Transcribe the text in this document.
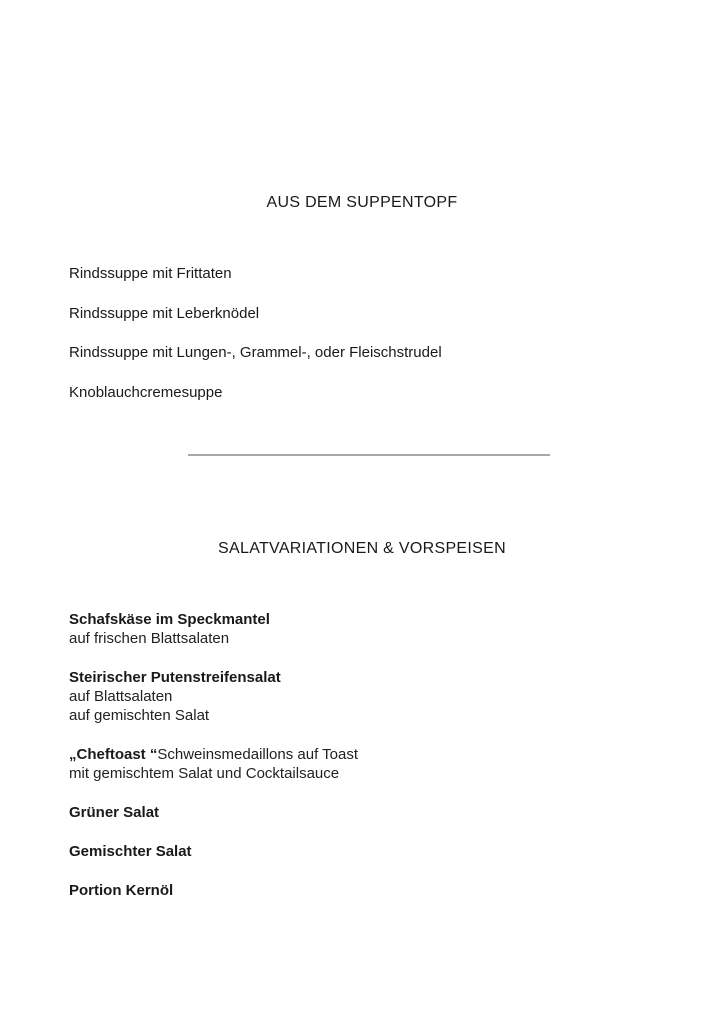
AUS DEM SUPPENTOPF
Rindssuppe mit Frittaten
Rindssuppe mit Leberknödel
Rindssuppe mit Lungen-, Grammel-, oder Fleischstrudel
Knoblauchcremesuppe
SALATVARIATIONEN & VORSPEISEN
Schafskäse im Speckmantel
auf frischen Blattsalaten
Steirischer Putenstreifensalat
auf Blattsalaten
auf gemischten Salat
„Cheftoast “Schweinsmedaillons auf Toast
mit gemischtem Salat und Cocktailsauce
Grüner Salat
Gemischter Salat
Portion Kernöl
